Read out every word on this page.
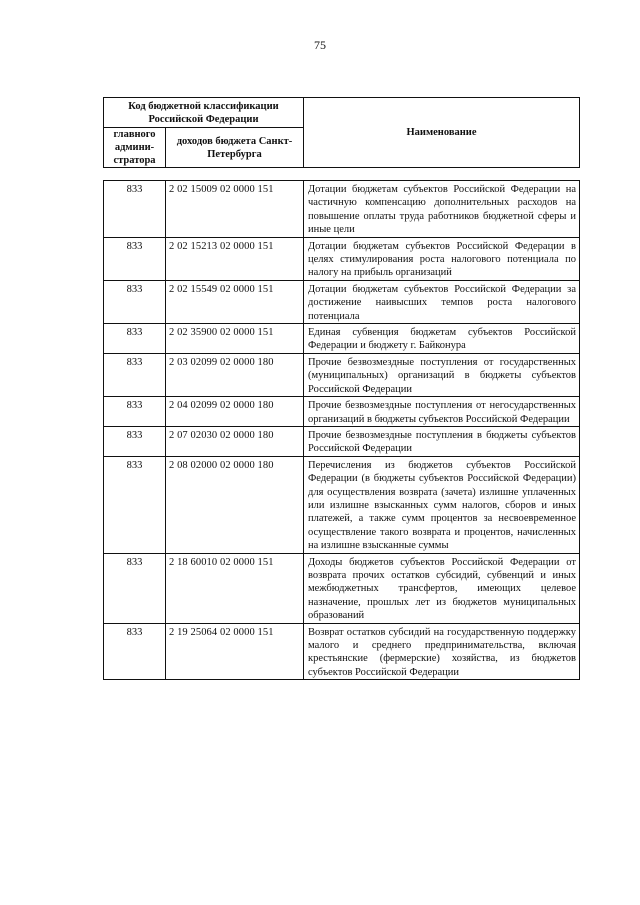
75
Код бюджетной классификации Российской Федерации		Наименование
главного админи-стратора	доходов бюджета Санкт-Петербурга	
833	2 02 15009 02 0000 151	Дотации бюджетам субъектов Российской Федерации на частичную компенсацию дополнительных расходов на повышение оплаты труда работников бюджетной сферы и иные цели
833	2 02 15213 02 0000 151	Дотации бюджетам субъектов Российской Федерации в целях стимулирования роста налогового потенциала по налогу на прибыль организаций
833	2 02 15549 02 0000 151	Дотации бюджетам субъектов Российской Федерации за достижение наивысших темпов роста налогового потенциала
833	2 02 35900 02 0000 151	Единая субвенция бюджетам субъектов Российской Федерации и бюджету г. Байконура
833	2 03 02099 02 0000 180	Прочие безвозмездные поступления от государственных (муниципальных) организаций в бюджеты субъектов Российской Федерации
833	2 04 02099 02 0000 180	Прочие безвозмездные поступления от негосударственных организаций в бюджеты субъектов Российской Федерации
833	2 07 02030 02 0000 180	Прочие безвозмездные поступления в бюджеты субъектов Российской Федерации
833	2 08 02000 02 0000 180	Перечисления из бюджетов субъектов Российской Федерации (в бюджеты субъектов Российской Федерации) для осуществления возврата (зачета) излишне уплаченных или излишне взысканных сумм налогов, сборов и иных платежей, а также сумм процентов за несвоевременное осуществление такого возврата и процентов, начисленных на излишне взысканные суммы
833	2 18 60010 02 0000 151	Доходы бюджетов субъектов Российской Федерации от возврата прочих остатков субсидий, субвенций и иных межбюджетных трансфертов, имеющих целевое назначение, прошлых лет из бюджетов муниципальных образований
833	2 19 25064 02 0000 151	Возврат остатков субсидий на государственную поддержку малого и среднего предпринимательства, включая крестьянские (фермерские) хозяйства, из бюджетов субъектов Российской Федерации
